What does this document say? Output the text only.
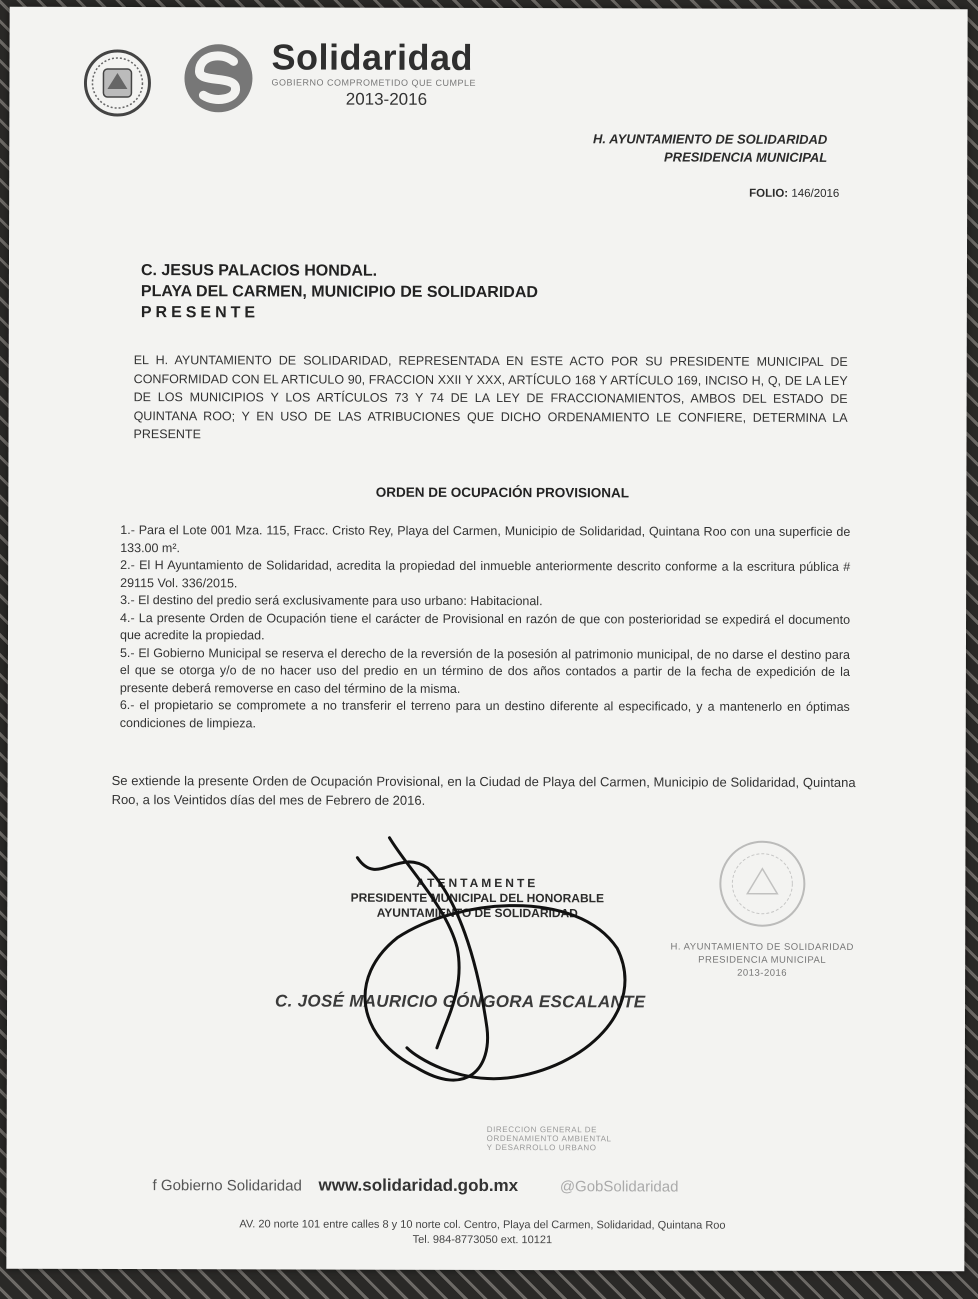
Solidaridad
GOBIERNO COMPROMETIDO QUE CUMPLE
2013-2016
H. AYUNTAMIENTO DE SOLIDARIDAD
PRESIDENCIA MUNICIPAL
FOLIO: 146/2016
C. JESUS PALACIOS HONDAL.
PLAYA DEL CARMEN, MUNICIPIO DE SOLIDARIDAD
PRESENTE
EL H. AYUNTAMIENTO DE SOLIDARIDAD, REPRESENTADA EN ESTE ACTO POR SU PRESIDENTE MUNICIPAL DE CONFORMIDAD CON EL ARTICULO 90, FRACCION XXII Y XXX, ARTÍCULO 168 Y ARTÍCULO 169, INCISO H, Q, DE LA LEY DE LOS MUNICIPIOS Y LOS ARTÍCULOS 73 Y 74 DE LA LEY DE FRACCIONAMIENTOS, AMBOS DEL ESTADO DE QUINTANA ROO; Y EN USO DE LAS ATRIBUCIONES QUE DICHO ORDENAMIENTO LE CONFIERE, DETERMINA LA PRESENTE
ORDEN DE OCUPACIÓN PROVISIONAL

1.- Para el Lote 001 Mza. 115, Fracc. Cristo Rey, Playa del Carmen, Municipio de Solidaridad, Quintana Roo con una superficie de 133.00 m².

2.- El H Ayuntamiento de Solidaridad, acredita la propiedad del inmueble anteriormente descrito conforme a la escritura pública # 29115 Vol. 336/2015.

3.- El destino del predio será exclusivamente para uso urbano: Habitacional.

4.- La presente Orden de Ocupación tiene el carácter de Provisional en razón de que con posterioridad se expedirá el documento que acredite la propiedad.

5.- El Gobierno Municipal se reserva el derecho de la reversión de la posesión al patrimonio municipal, de no darse el destino para el que se otorga y/o de no hacer uso del predio en un término de dos años contados a partir de la fecha de expedición de la presente deberá removerse en caso del término de la misma.

6.- el propietario se compromete a no transferir el terreno para un destino diferente al especificado, y a mantenerlo en óptimas condiciones de limpieza.

Se extiende la presente Orden de Ocupación Provisional, en la Ciudad de Playa del Carmen, Municipio de Solidaridad, Quintana Roo, a los Veintidos días del mes de Febrero de 2016.
ATENTAMENTE
PRESIDENTE MUNICIPAL DEL HONORABLE
AYUNTAMIENTO DE SOLIDARIDAD
H. AYUNTAMIENTO DE SOLIDARIDAD
PRESIDENCIA MUNICIPAL
2013-2016
C. JOSÉ MAURICIO GÓNGORA ESCALANTE
DIRECCION GENERAL DE
ORDENAMIENTO AMBIENTAL
Y DESARROLLO URBANO
f Gobierno Solidaridad www.solidaridad.gob.mx	@GobSolidaridad
AV. 20 norte 101 entre calles 8 y 10 norte col. Centro, Playa del Carmen, Solidaridad, Quintana Roo
Tel. 984-8773050 ext. 10121
